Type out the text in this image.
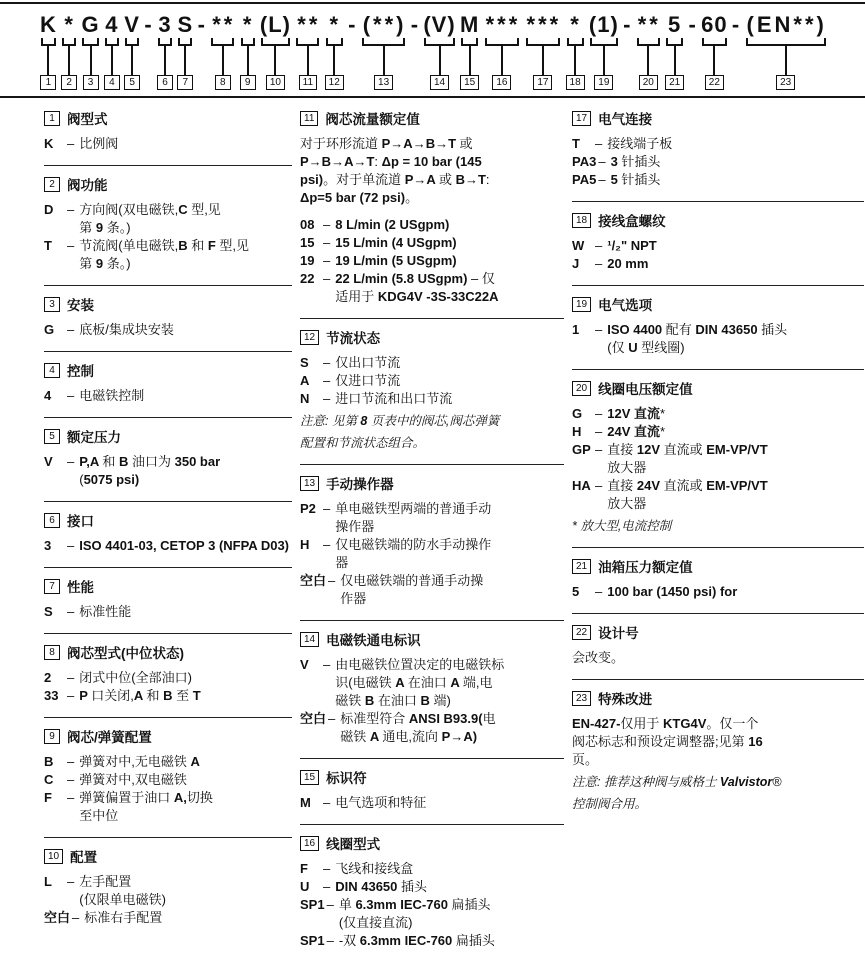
K
1
*
2
G
3
4
4
V
5
- 3
6
S
7
- **
8
*
9
(L)
10
**
11
*
12
- (**)
13
- (V)
14
M
15
***
16
***
17
*
18
(1)
19
- **
20
5
21
- 60
22
- (EN**)
23
1 阀型式
K	– 比例阀
2 阀功能
D	– 方向阀(双电磁铁,C 型,见
第 9 条。)
T	– 节流阀(单电磁铁,B 和 F 型,见
第 9 条。)
3 安装
G – 底板/集成块安装
4 控制
4	– 电磁铁控制
5 额定压力
V	– P,A 和 B 油口为 350 bar
(5075 psi)
6 接口
3	– ISO 4401-03, CETOP 3 (NFPA D03)
7 性能
S	– 标准性能
8 阀芯型式(中位状态)
2	– 闭式中位(全部油口)
33 – P 口关闭,A 和 B 至 T
9 阀芯/弹簧配置
B	– 弹簧对中,无电磁铁 A
C	– 弹簧对中,双电磁铁
F	– 弹簧偏置于油口 A,切换
至中位
10 配置
L	– 左手配置
(仅限单电磁铁)
空白 – 标准右手配置
11 阀芯流量额定值
对于环形流道 P→A→B→T 或
P→B→A→T: Δp = 10 bar (145
psi)。对于单流道 P→A 或 B→T:
Δp=5 bar (72 psi)。
08 – 8 L/min (2 USgpm)
15 – 15 L/min (4 USgpm)
19 – 19 L/min (5 USgpm)
22 – 22 L/min (5.8 USgpm) – 仅
适用于 KDG4V -3S-33C22A
12 节流状态
S	– 仅出口节流
A	– 仅进口节流
N	– 进口节流和出口节流
注意: 见第 8 页表中的阀芯,阀芯弹簧
配置和节流状态组合。
13 手动操作器
P2 – 单电磁铁型两端的普通手动
操作器
H	– 仅电磁铁端的防水手动操作
器
空白 – 仅电磁铁端的普通手动操
作器
14 电磁铁通电标识
V	– 由电磁铁位置决定的电磁铁标
识(电磁铁 A 在油口 A 端,电
磁铁 B 在油口 B 端)
空白 – 标准型符合 ANSI B93.9(电
磁铁 A 通电,流向 P→A)
15 标识符
M – 电气选项和特征
16 线圈型式
F	– 飞线和接线盒
U	– DIN 43650 插头
SP1 – 单 6.3mm IEC-760 扁插头
(仅直接直流)
SP1 – -双 6.3mm IEC-760 扁插头
17 电气连接
T	– 接线端子板
PA3 – 3 针插头
PA5 – 5 针插头
18 接线盒螺纹
W – ¹/₂" NPT
J	– 20 mm
19 电气选项
1	– ISO 4400 配有 DIN 43650 插头
(仅 U 型线圈)
20 线圈电压额定值
G – 12V 直流*
H	– 24V 直流*
GP – 直接 12V 直流或 EM-VP/VT
放大器
HA – 直接 24V 直流或 EM-VP/VT
放大器
* 放大型,电流控制
21 油箱压力额定值
5	– 100 bar (1450 psi) for
22 设计号
会改变。
23 特殊改进
EN-427-仅用于 KTG4V。仅一个
阀芯标志和预设定调整器;见第 16
页。
注意: 推荐这种阀与威格士 Valvistor®
控制阀合用。
